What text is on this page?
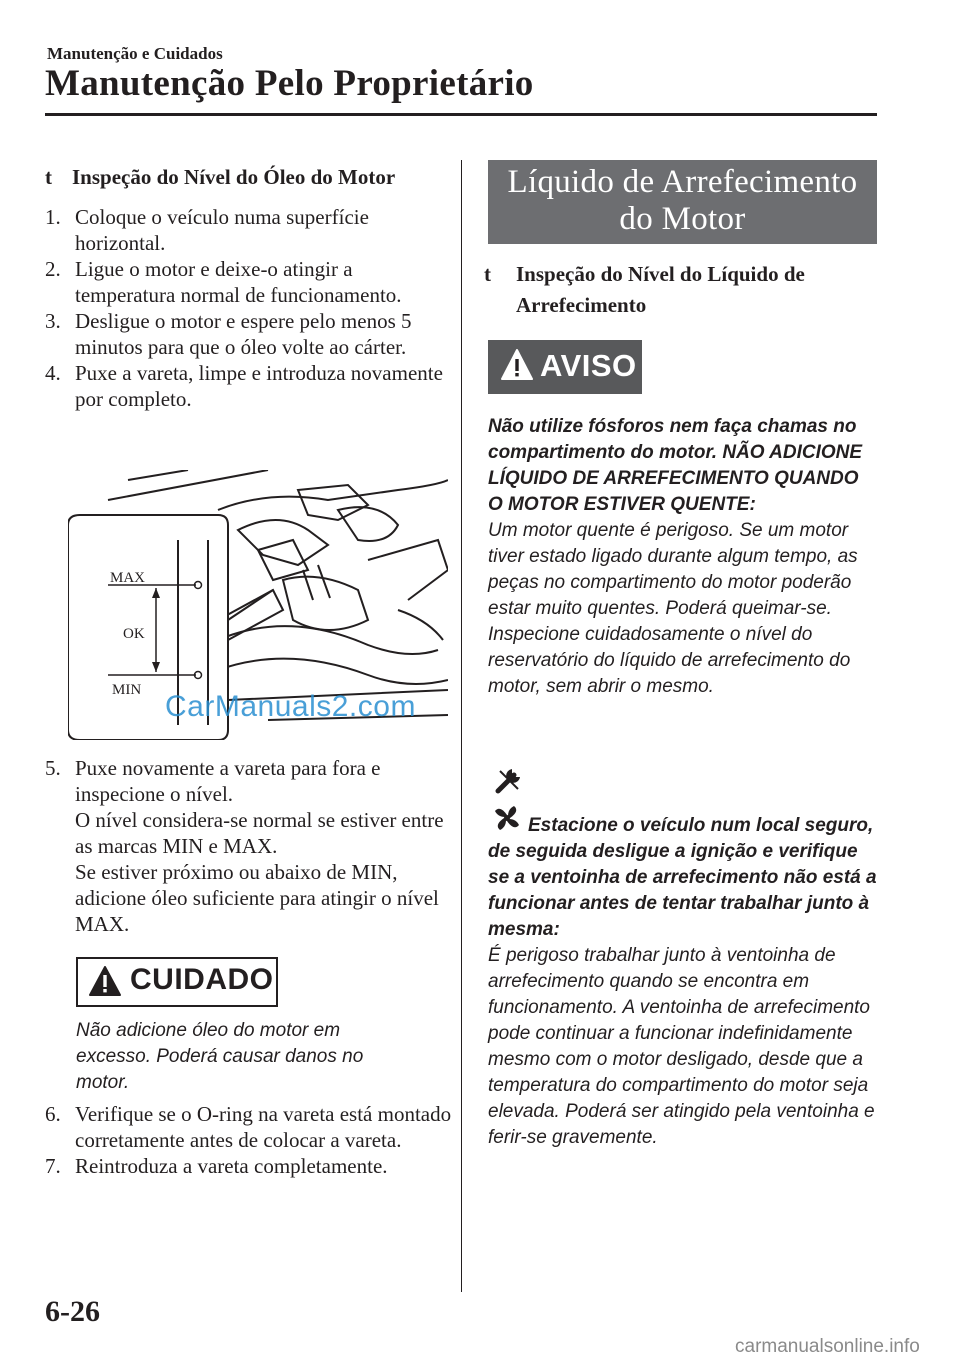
Manutenção e Cuidados
Manutenção Pelo Proprietário
t Inspeção do Nível do Óleo do Motor
1. Coloque o veículo numa superfície horizontal.
2. Ligue o motor e deixe-o atingir a temperatura normal de funcionamento.
3. Desligue o motor e espere pelo menos 5 minutos para que o óleo volte ao cárter.
4. Puxe a vareta, limpe e introduza novamente por completo.
MAX
OK
MIN CarManuals2.com
5. Puxe novamente a vareta para fora e inspecione o nível.
O nível considera-se normal se estiver entre as marcas MIN e MAX.
Se estiver próximo ou abaixo de MIN, adicione óleo suficiente para atingir o nível MAX.
CUIDADO
Não adicione óleo do motor em excesso. Poderá causar danos no motor.
6. Verifique se o O-ring na vareta está montado corretamente antes de colocar a vareta.
7. Reintroduza a vareta completamente.
Líquido de Arrefecimento
do Motor
t Inspeção do Nível do Líquido de Arrefecimento
AVISO

Não utilize fósforos nem faça chamas no compartimento do motor. NÃO ADICIONE LÍQUIDO DE ARREFECIMENTO QUANDO O MOTOR ESTIVER QUENTE:

Um motor quente é perigoso. Se um motor tiver estado ligado durante algum tempo, as peças no compartimento do motor poderão estar muito quentes. Poderá queimar-se. Inspecione cuidadosamente o nível do reservatório do líquido de arrefecimento do motor, sem abrir o mesmo.

Estacione o veículo num local seguro, de seguida desligue a ignição e verifique se a ventoinha de arrefecimento não está a funcionar antes de tentar trabalhar junto à mesma:

É perigoso trabalhar junto à ventoinha de arrefecimento quando se encontra em funcionamento. A ventoinha de arrefecimento pode continuar a funcionar indefinidamente mesmo com o motor desligado, desde que a temperatura do compartimento do motor seja elevada. Poderá ser atingido pela ventoinha e ferir-se gravemente.

6-26
carmanualsonline.info
